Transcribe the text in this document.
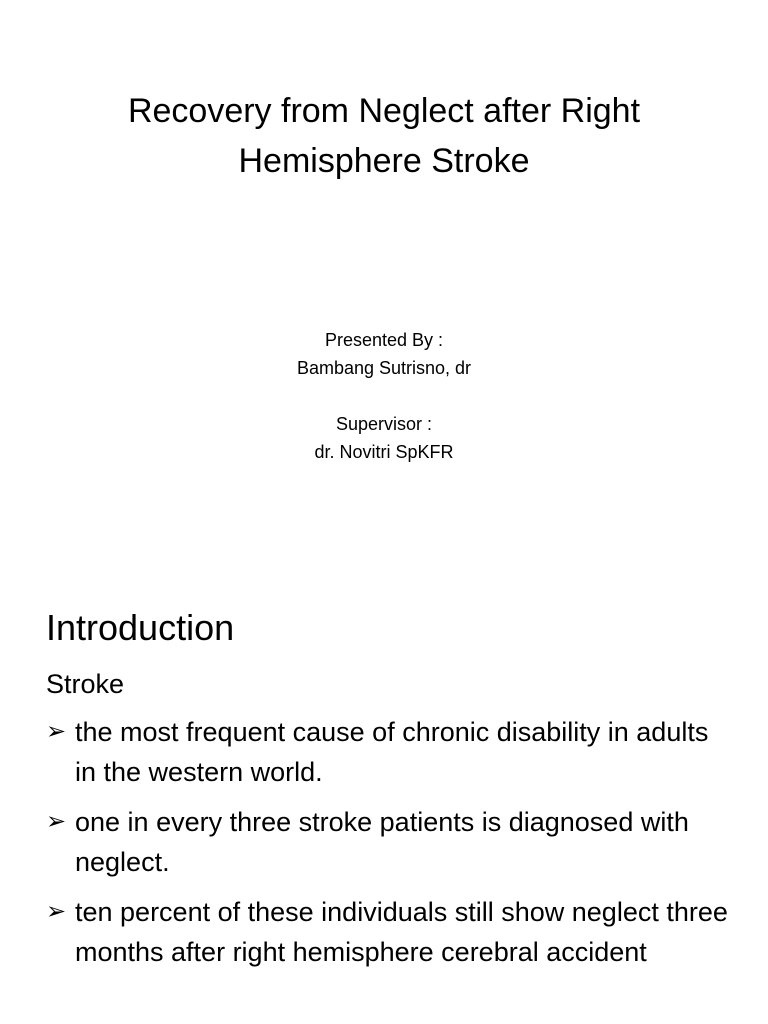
Recovery from Neglect after Right
Hemisphere Stroke
Presented By :
Bambang Sutrisno, dr
Supervisor :
dr. Novitri SpKFR
Introduction
Stroke
➢ the most frequent cause of chronic disability in adults in the western world.
➢ one in every three stroke patients is diagnosed with neglect.
➢ ten percent of these individuals still show neglect three months after right hemisphere cerebral accident
